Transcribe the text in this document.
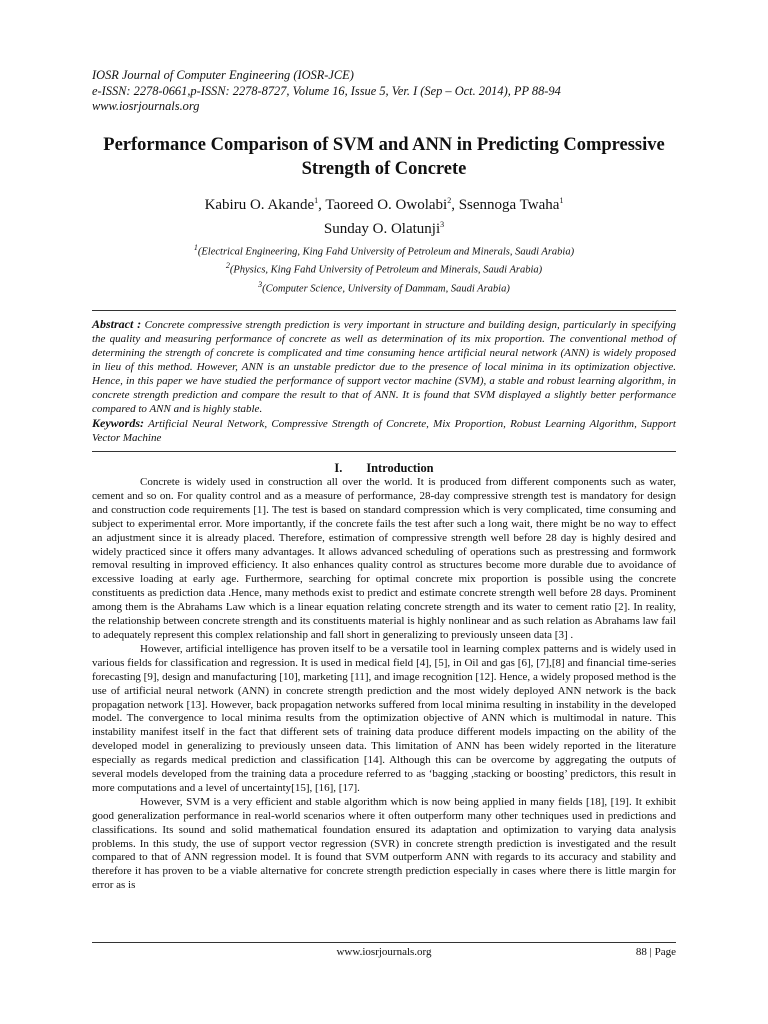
IOSR Journal of Computer Engineering (IOSR-JCE)
e-ISSN: 2278-0661,p-ISSN: 2278-8727, Volume 16, Issue 5, Ver. I (Sep – Oct. 2014), PP 88-94
www.iosrjournals.org
Performance Comparison of SVM and ANN in Predicting Compressive Strength of Concrete
Kabiru O. Akande$^1$, Taoreed O. Owolabi$^2$, Ssennoga Twaha$^1$
Sunday O. Olatunji$^3$
$^1$(Electrical Engineering, King Fahd University of Petroleum and Minerals, Saudi Arabia)
$^2$(Physics, King Fahd University of Petroleum and Minerals, Saudi Arabia)
$^3$(Computer Science, University of Dammam, Saudi Arabia)
Abstract : Concrete compressive strength prediction is very important in structure and building design, particularly in specifying the quality and measuring performance of concrete as well as determination of its mix proportion. The conventional method of determining the strength of concrete is complicated and time consuming hence artificial neural network (ANN) is widely proposed in lieu of this method. However, ANN is an unstable predictor due to the presence of local minima in its optimization objective. Hence, in this paper we have studied the performance of support vector machine (SVM), a stable and robust learning algorithm, in concrete strength prediction and compare the result to that of ANN. It is found that SVM displayed a slightly better performance compared to ANN and is highly stable.
Keywords: Artificial Neural Network, Compressive Strength of Concrete, Mix Proportion, Robust Learning Algorithm, Support Vector Machine
I. Introduction

Concrete is widely used in construction all over the world. It is produced from different components such as water, cement and so on. For quality control and as a measure of performance, 28-day compressive strength test is mandatory for design and construction code requirements [1]. The test is based on standard compression which is very complicated, time consuming and subject to experimental error. More importantly, if the concrete fails the test after such a long wait, there might be no way to effect an adjustment since it is already placed. Therefore, estimation of compressive strength well before 28 day is highly desired and widely practiced since it offers many advantages. It allows advanced scheduling of operations such as prestressing and formwork removal resulting in improved efficiency. It also enhances quality control as structures become more durable due to avoidance of excessive loading at early age. Furthermore, searching for optimal concrete mix proportion is possible using the concrete constituents as prediction data .Hence, many methods exist to predict and estimate concrete strength well before 28 days. Prominent among them is the Abrahams Law which is a linear equation relating concrete strength and its water to cement ratio [2]. In reality, the relationship between concrete strength and its constituents material is highly nonlinear and as such relation as Abrahams law fail to adequately represent this complex relationship and fall short in generalizing to previously unseen data [3] .

However, artificial intelligence has proven itself to be a versatile tool in learning complex patterns and is widely used in various fields for classification and regression. It is used in medical field [4], [5], in Oil and gas [6], [7],[8] and financial time-series forecasting [9], design and manufacturing [10], marketing [11], and image recognition [12]. Hence, a widely proposed method is the use of artificial neural network (ANN) in concrete strength prediction and the most widely deployed ANN network is the back propagation network [13]. However, back propagation networks suffered from local minima resulting in instability in the developed model. The convergence to local minima results from the optimization objective of ANN which is multimodal in nature. This instability manifest itself in the fact that different sets of training data produce different models impacting on the ability of the developed model in generalizing to previously unseen data. This limitation of ANN has been widely reported in the literature especially as regards medical prediction and classification [14]. Although this can be overcome by aggregating the outputs of several models developed from the training data a procedure referred to as ‘bagging ,stacking or boosting’ predictors, this result in more computations and a level of uncertainty[15], [16], [17].

However, SVM is a very efficient and stable algorithm which is now being applied in many fields [18], [19]. It exhibit good generalization performance in real-world scenarios where it often outperform many other techniques used in predictions and classifications. Its sound and solid mathematical foundation ensured its adaptation and optimization to varying data analysis problems. In this study, the use of support vector regression (SVR) in concrete strength prediction is investigated and the result compared to that of ANN regression model. It is found that SVM outperform ANN with regards to its accuracy and stability and therefore it has proven to be a viable alternative for concrete strength prediction especially in cases where there is little margin for error as is

www.iosrjournals.org	88 | Page
